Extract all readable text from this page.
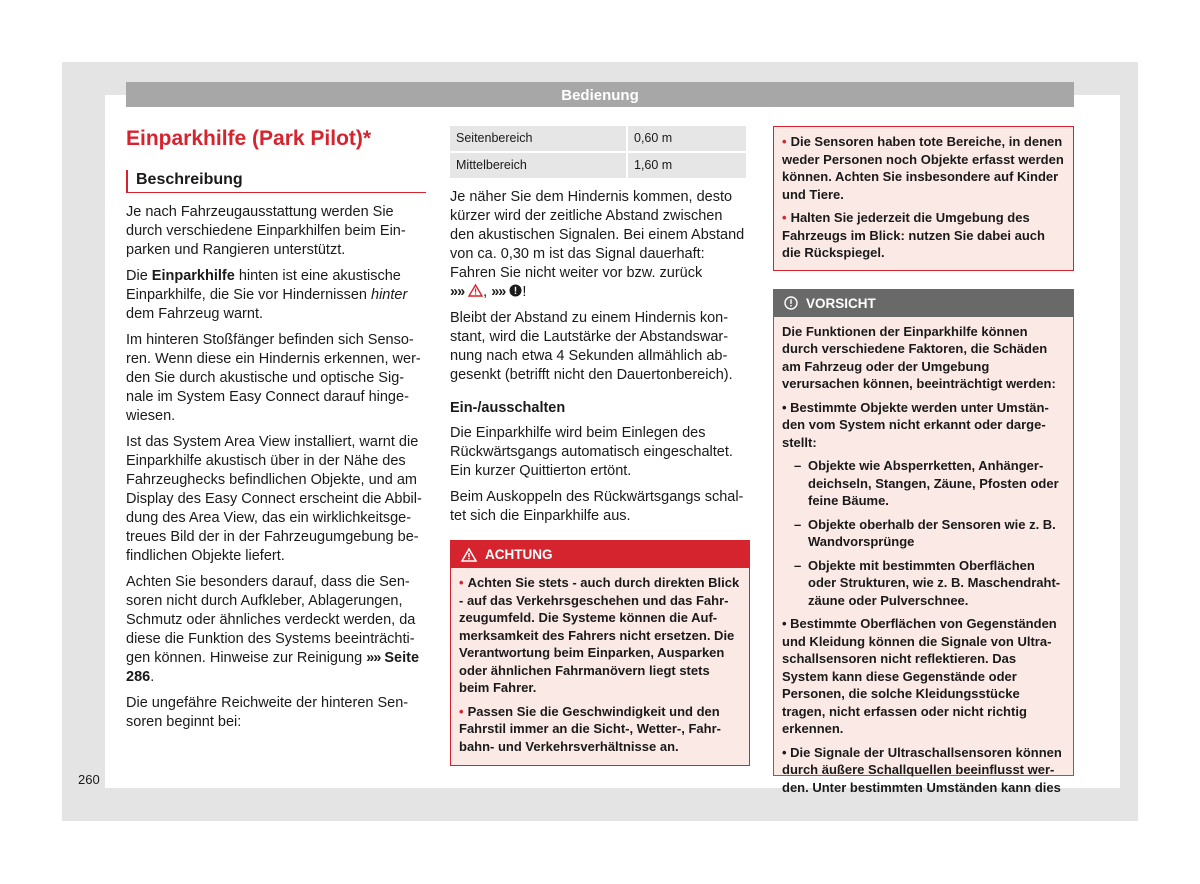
Bedienung
260
Einparkhilfe (Park Pilot)*
Beschreibung

Je nach Fahrzeugausstattung werden Sie durch verschiedene Einparkhilfen beim Einparken und Rangieren unterstützt.

Die Einparkhilfe hinten ist eine akustische Einparkhilfe, die Sie vor Hindernissen hinter dem Fahrzeug warnt.

Im hinteren Stoßfänger befinden sich Sensoren. Wenn diese ein Hindernis erkennen, werden Sie durch akustische und optische Signale im System Easy Connect darauf hingewiesen.

Ist das System Area View installiert, warnt die Einparkhilfe akustisch über in der Nähe des Fahrzeughecks befindlichen Objekte, und am Display des Easy Connect erscheint die Abbildung des Area View, das ein wirklichkeitsgetreues Bild der in der Fahrzeugumgebung befindlichen Objekte liefert.

Achten Sie besonders darauf, dass die Sensoren nicht durch Aufkleber, Ablagerungen, Schmutz oder ähnliches verdeckt werden, da diese die Funktion des Systems beeinträchtigen können. Hinweise zur Reinigung »» Seite 286.

Die ungefähre Reichweite der hinteren Sensoren beginnt bei:

Seitenbereich	0,60 m
Mittelbereich	1,60 m

Je näher Sie dem Hindernis kommen, desto kürzer wird der zeitliche Abstand zwischen den akustischen Signalen. Bei einem Abstand von ca. 0,30 m ist das Signal dauerhaft: Fahren Sie nicht weiter vor bzw. zurück
»» , »» !

Bleibt der Abstand zu einem Hindernis konstant, wird die Lautstärke der Abstandswarnung nach etwa 4 Sekunden allmählich abgesenkt (betrifft nicht den Dauertonbereich).

Ein-/ausschalten

Die Einparkhilfe wird beim Einlegen des Rückwärtsgangs automatisch eingeschaltet. Ein kurzer Quittierton ertönt.

Beim Auskoppeln des Rückwärtsgangs schaltet sich die Einparkhilfe aus.

ACHTUNG

• Achten Sie stets - auch durch direkten Blick - auf das Verkehrsgeschehen und das Fahrzeugumfeld. Die Systeme können die Aufmerksamkeit des Fahrers nicht ersetzen. Die Verantwortung beim Einparken, Ausparken oder ähnlichen Fahrmanövern liegt stets beim Fahrer.

• Passen Sie die Geschwindigkeit und den Fahrstil immer an die Sicht-, Wetter-, Fahrbahn- und Verkehrsverhältnisse an.

• Die Sensoren haben tote Bereiche, in denen weder Personen noch Objekte erfasst werden können. Achten Sie insbesondere auf Kinder und Tiere.

• Halten Sie jederzeit die Umgebung des Fahrzeugs im Blick: nutzen Sie dabei auch die Rückspiegel.

VORSICHT

Die Funktionen der Einparkhilfe können durch verschiedene Faktoren, die Schäden am Fahrzeug oder der Umgebung verursachen können, beeinträchtigt werden:

• Bestimmte Objekte werden unter Umständen vom System nicht erkannt oder dargestellt:

– Objekte wie Absperrketten, Anhängerdeichseln, Stangen, Zäune, Pfosten oder feine Bäume.
– Objekte oberhalb der Sensoren wie z. B. Wandvorsprünge
– Objekte mit bestimmten Oberflächen oder Strukturen, wie z. B. Maschendrahtzäune oder Pulverschnee.

• Bestimmte Oberflächen von Gegenständen und Kleidung können die Signale von Ultraschallsensoren nicht reflektieren. Das System kann diese Gegenstände oder Personen, die solche Kleidungsstücke tragen, nicht erfassen oder nicht richtig erkennen.

• Die Signale der Ultraschallsensoren können durch äußere Schallquellen beeinflusst werden. Unter bestimmten Umständen kann dies
